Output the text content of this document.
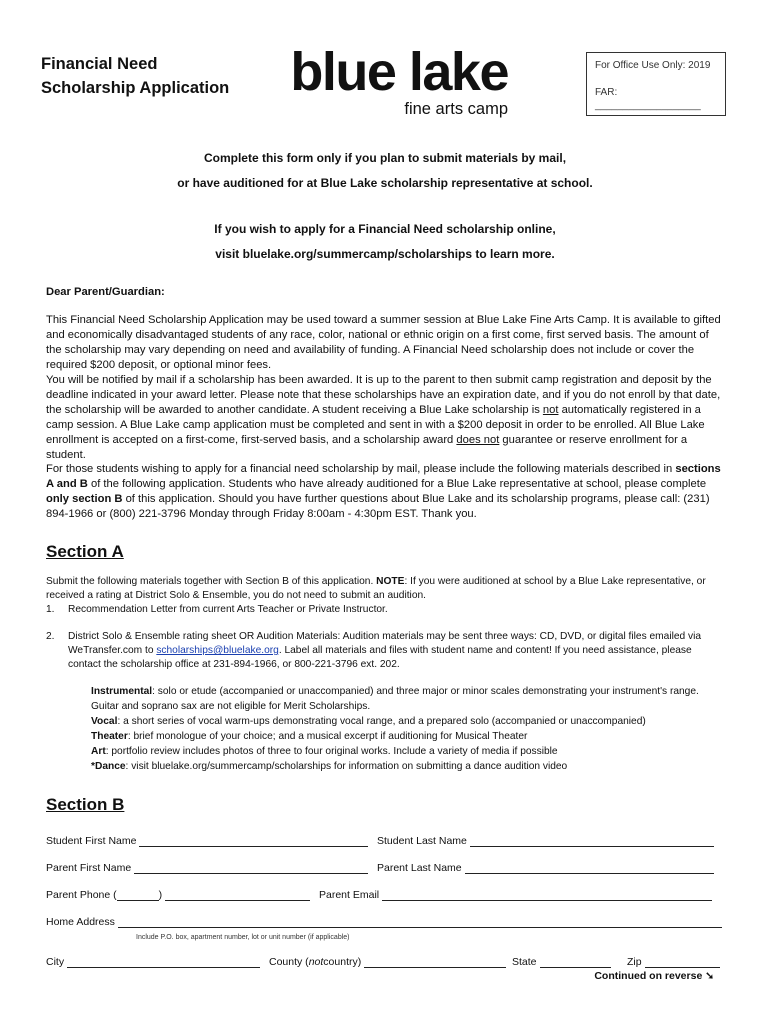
Financial Need
Scholarship Application	blue lake
fine arts camp
For Office Use Only: 2019
FAR: ___________________
Complete this form only if you plan to submit materials by mail,
or have auditioned for at Blue Lake scholarship representative at school.
If you wish to apply for a Financial Need scholarship online,
visit bluelake.org/summercamp/scholarships to learn more.
Dear Parent/Guardian:
This Financial Need Scholarship Application may be used toward a summer session at Blue Lake Fine Arts Camp. It is available to gifted and economically disadvantaged students of any race, color, national or ethnic origin on a first come, first served basis. The amount of the scholarship may vary depending on need and availability of funding. A Financial Need scholarship does not include or cover the required $200 deposit, or optional minor fees.
You will be notified by mail if a scholarship has been awarded. It is up to the parent to then submit camp registration and deposit by the deadline indicated in your award letter. Please note that these scholarships have an expiration date, and if you do not enroll by that date, the scholarship will be awarded to another candidate. A student receiving a Blue Lake scholarship is not automatically registered in a camp session. A Blue Lake camp application must be completed and sent in with a $200 deposit in order to be enrolled. All Blue Lake enrollment is accepted on a first-come, first-served basis, and a scholarship award does not guarantee or reserve enrollment for a student.
For those students wishing to apply for a financial need scholarship by mail, please include the following materials described in sections A and B of the following application. Students who have already auditioned for a Blue Lake representative at school, please complete only section B of this application. Should you have further questions about Blue Lake and its scholarship programs, please call: (231) 894-1966 or (800) 221-3796 Monday through Friday 8:00am - 4:30pm EST. Thank you.
Section A
Submit the following materials together with Section B of this application. NOTE: If you were auditioned at school by a Blue Lake representative, or received a rating at District Solo & Ensemble, you do not need to submit an audition.
1. Recommendation Letter from current Arts Teacher or Private Instructor.
2. District Solo & Ensemble rating sheet OR Audition Materials: Audition materials may be sent three ways: CD, DVD, or digital files emailed via WeTransfer.com to scholarships@bluelake.org. Label all materials and files with student name and content! If you need assistance, please contact the scholarship office at 231-894-1966, or 800-221-3796 ext. 202.
Instrumental: solo or etude (accompanied or unaccompanied) and three major or minor scales demonstrating your instrument's range. Guitar and soprano sax are not eligible for Merit Scholarships.
Vocal: a short series of vocal warm-ups demonstrating vocal range, and a prepared solo (accompanied or unaccompanied)
Theater: brief monologue of your choice; and a musical excerpt if auditioning for Musical Theater
Art: portfolio review includes photos of three to four original works. Include a variety of media if possible
*Dance: visit bluelake.org/summercamp/scholarships for information on submitting a dance audition video
Section B
Student First Name	Student Last Name
Parent First Name	Parent Last Name
Parent Phone (	)	Parent Email
Home Address
Include P.O. box, apartment number, lot or unit number (if applicable)
City	County ( not country)	State	Zip
Continued on reverse ➘
